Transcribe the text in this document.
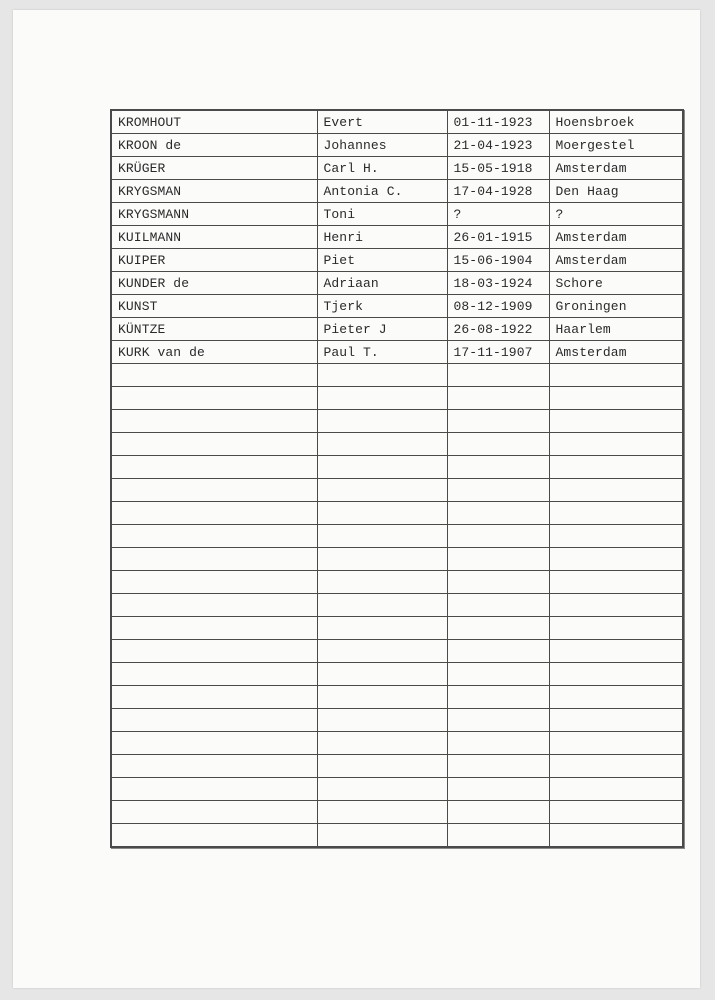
KROMHOUT	Evert	01-11-1923	Hoensbroek
KROON de	Johannes	21-04-1923	Moergestel
KRÜGER	Carl H.	15-05-1918	Amsterdam
KRYGSMAN	Antonia C.	17-04-1928	Den Haag
KRYGSMANN	Toni	?	?
KUILMANN	Henri	26-01-1915	Amsterdam
KUIPER	Piet	15-06-1904	Amsterdam
KUNDER de	Adriaan	18-03-1924	Schore
KUNST	Tjerk	08-12-1909	Groningen
KÜNTZE	Pieter J	26-08-1922	Haarlem
KURK van de	Paul T.	17-11-1907	Amsterdam
